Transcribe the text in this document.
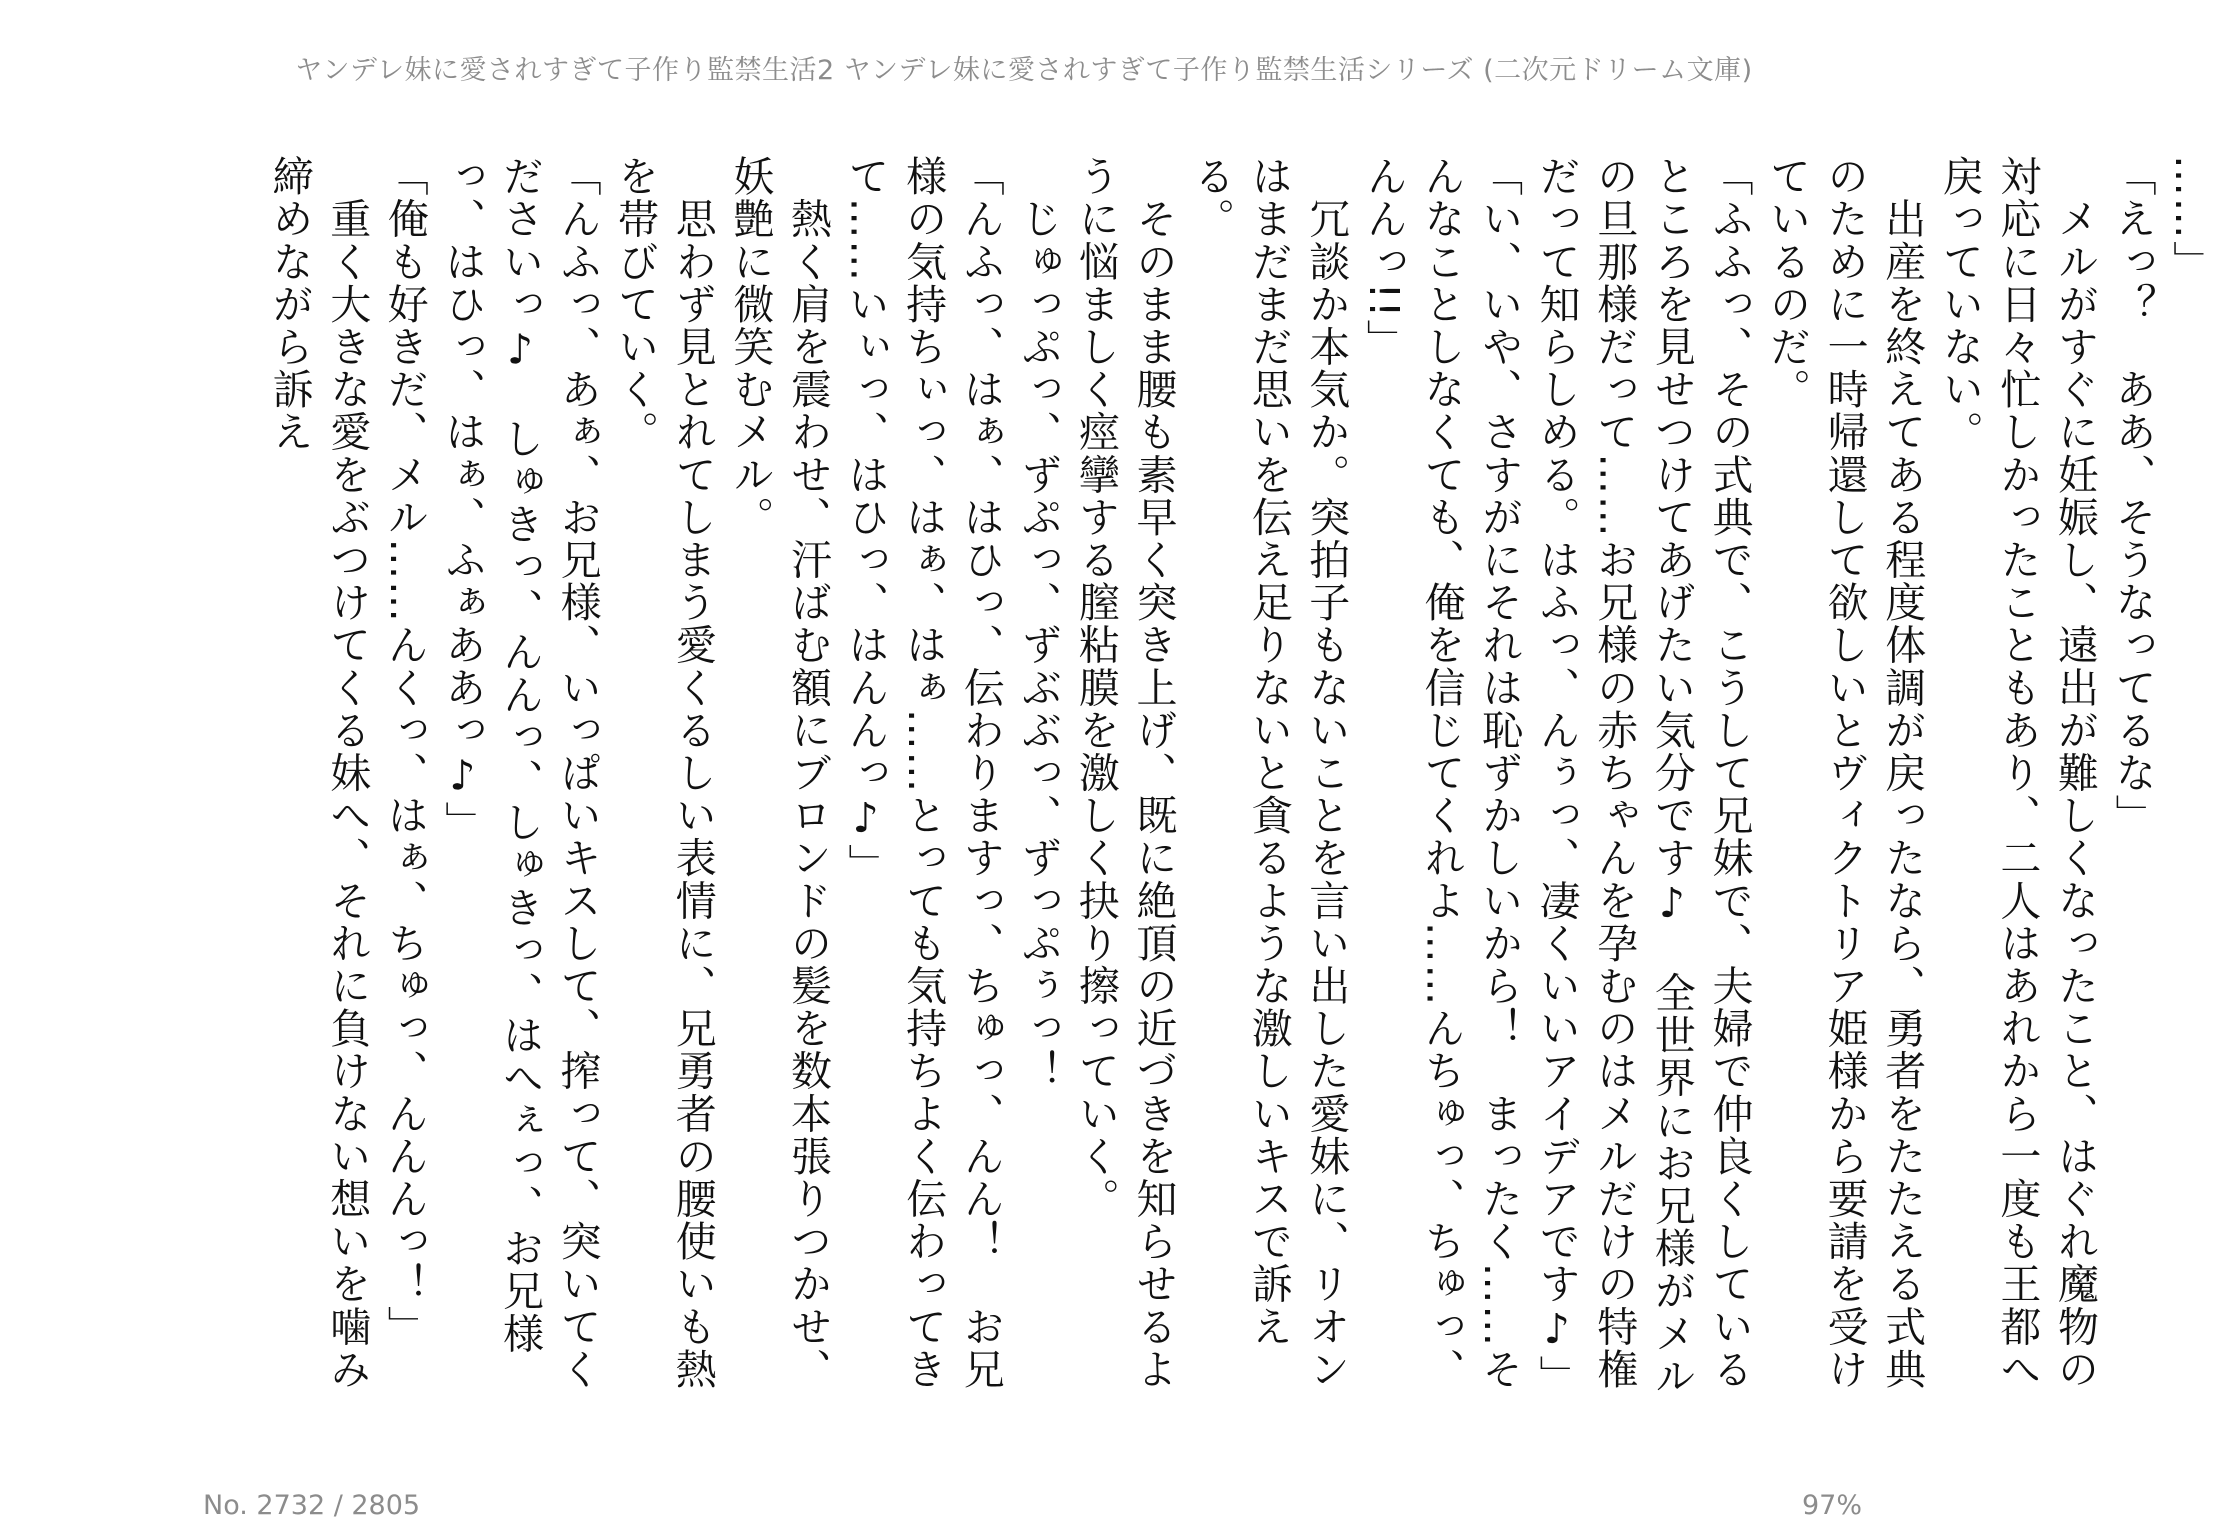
ヤンデレ妹に愛されすぎて子作り監禁生活2 ヤンデレ妹に愛されすぎて子作り監禁生活シリーズ (二次元ドリーム文庫)

……」

「えっ？　ああ、そうなってるな」

　メルがすぐに妊娠し、遠出が難しくなったこと、はぐれ魔物の対応に日々忙しかったこともあり、二人はあれから一度も王都へ戻っていない。

　出産を終えてある程度体調が戻ったなら、勇者をたたえる式典のために一時帰還して欲しいとヴィクトリア姫様から要請を受けているのだ。

「ふふっ、その式典で、こうして兄妹で、夫婦で仲良くしているところを見せつけてあげたい気分です♪　全世界にお兄様がメルの旦那様だって……お兄様の赤ちゃんを孕むのはメルだけの特権だって知らしめる。はふっ、んぅっ、凄くいいアイデアです♪」

「い、いや、さすがにそれは恥ずかしいから！　まったく……そんなことしなくても、俺を信じてくれよ……んちゅっ、ちゅっ、んんっ!!」

　冗談か本気か。突拍子もないことを言い出した愛妹に、リオンはまだまだ思いを伝え足りないと貪るような激しいキスで訴える。

　そのまま腰も素早く突き上げ、既に絶頂の近づきを知らせるように悩ましく痙攣する膣粘膜を激しく抉り擦っていく。

　じゅっぷっ、ずぷっ、ずぶぶっ、ずっぷぅっ！

「んふっ、はぁ、はひっ、伝わりますっ、ちゅっ、んん！　お兄様の気持ちぃっ、はぁ、はぁ……とっても気持ちよく伝わってきて……いぃっ、はひっ、はんんっ♪」

　熱く肩を震わせ、汗ばむ額にブロンドの髪を数本張りつかせ、妖艶に微笑むメル。

　思わず見とれてしまう愛くるしい表情に、兄勇者の腰使いも熱を帯びていく。

「んふっ、あぁ、お兄様、いっぱいキスして、搾って、突いてくださいっ♪　しゅきっ、んんっ、しゅきっ、はへぇっ、お兄様っ、はひっ、はぁ、ふぁああっ♪」

「俺も好きだ、メル……んくっ、はぁ、ちゅっ、んんんっ！」

　重く大きな愛をぶつけてくる妹へ、それに負けない想いを噛み締めながら訴え

No. 2732 / 2805	97%
